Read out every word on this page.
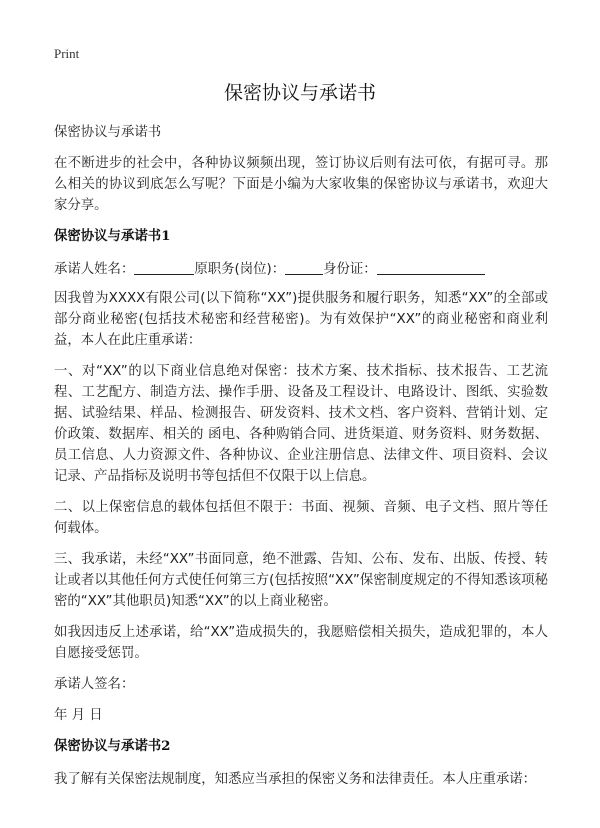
Print
保密协议与承诺书

保密协议与承诺书

在不断进步的社会中，各种协议频频出现，签订协议后则有法可依，有据可寻。那么相关的协议到底怎么写呢？下面是小编为大家收集的保密协议与承诺书，欢迎大家分享。

保密协议与承诺书1

承诺人姓名：	原职务(岗位)：	身份证：

因我曾为XXXX有限公司(以下简称“XX”)提供服务和履行职务，知悉“XX”的全部或部分商业秘密(包括技术秘密和经营秘密)。为有效保护“XX”的商业秘密和商业利益，本人在此庄重承诺：

一、对“XX”的以下商业信息绝对保密：技术方案、技术指标、技术报告、工艺流程、工艺配方、制造方法、操作手册、设备及工程设计、电路设计、图纸、实验数据、试验结果、样品、检测报告、研发资料、技术文档、客户资料、营销计划、定价政策、数据库、相关的 函电、各种购销合同、进货渠道、财务资料、财务数据、员工信息、人力资源文件、各种协议、企业注册信息、法律文件、项目资料、会议记录、产品指标及说明书等包括但不仅限于以上信息。

二、以上保密信息的载体包括但不限于：书面、视频、音频、电子文档、照片等任何载体。

三、我承诺，未经“XX”书面同意，绝不泄露、告知、公布、发布、出版、传授、转让或者以其他任何方式使任何第三方(包括按照“XX”保密制度规定的不得知悉该项秘密的“XX”其他职员)知悉“XX”的以上商业秘密。

如我因违反上述承诺，给“XX”造成损失的，我愿赔偿相关损失，造成犯罪的，本人自愿接受惩罚。

承诺人签名：

年 月 日

保密协议与承诺书2

我了解有关保密法规制度，知悉应当承担的保密义务和法律责任。本人庄重承诺：
